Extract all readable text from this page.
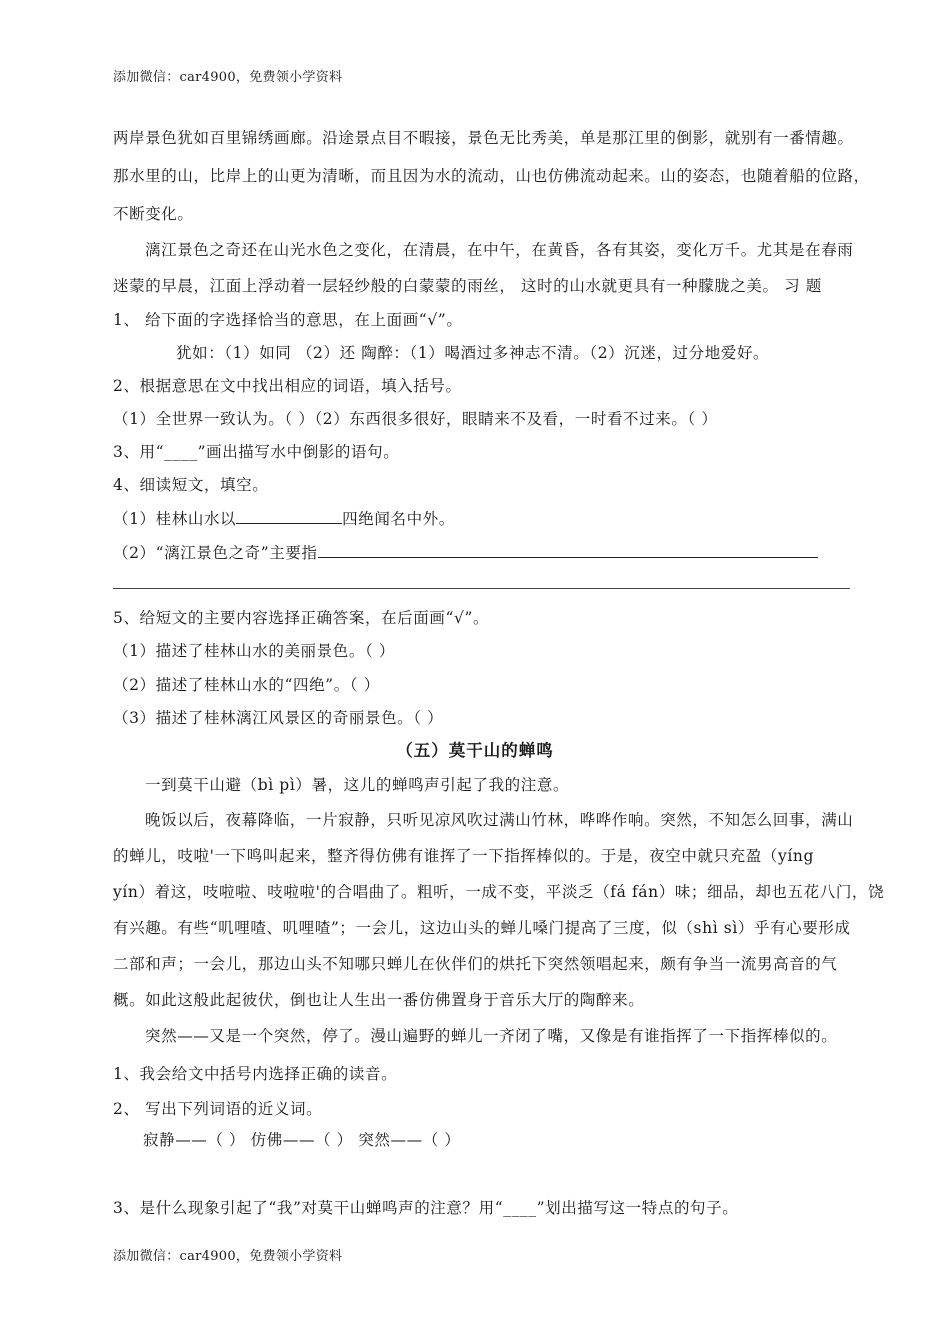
添加微信：car4900，免费领小学资料
两岸景色犹如百里锦绣画廊。沿途景点目不暇接，景色无比秀美，单是那江里的倒影，就别有一番情趣。
那水里的山，比岸上的山更为清晰，而且因为水的流动，山也仿佛流动起来。山的姿态，也随着船的位路，
不断变化。
漓江景色之奇还在山光水色之变化，在清晨，在中午，在黄昏，各有其姿，变化万千。尤其是在春雨
迷蒙的早晨，江面上浮动着一层轻纱般的白蒙蒙的雨丝， 这时的山水就更具有一种朦胧之美。 习 题
1、 给下面的字选择恰当的意思，在上面画“√”。
犹如：（1）如同 （2）还 陶醉：（1）喝酒过多神志不清。（2）沉迷，过分地爱好。
2、根据意思在文中找出相应的词语，填入括号。
（1）全世界一致认为。（ ）（2）东西很多很好，眼睛来不及看，一时看不过来。（ ）
3、用“____”画出描写水中倒影的语句。
4、细读短文，填空。
（1）桂林山水以	四绝闻名中外。
（2）“漓江景色之奇”主要指
5、给短文的主要内容选择正确答案，在后面画“√”。
（1）描述了桂林山水的美丽景色。（ ）
（2）描述了桂林山水的“四绝”。（ ）
（3）描述了桂林漓江风景区的奇丽景色。（ ）
（五）莫干山的蝉鸣
一到莫干山避（bì pì）暑，这儿的蝉鸣声引起了我的注意。
晚饭以后，夜幕降临，一片寂静，只听见凉风吹过满山竹林，哗哗作响。突然，不知怎么回事，满山
的蝉儿，吱啦'一下鸣叫起来，整齐得仿佛有谁挥了一下指挥棒似的。于是，夜空中就只充盈（yíng
yín）着这，吱啦啦、吱啦啦'的合唱曲了。粗听，一成不变，平淡乏（fá fán）味；细品，却也五花八门，饶
有兴趣。有些“叽哩喳、叽哩喳”；一会儿，这边山头的蝉儿嗓门提高了三度，似（shì sì）乎有心要形成
二部和声；一会儿，那边山头不知哪只蝉儿在伙伴们的烘托下突然领唱起来，颇有争当一流男高音的气
概。如此这般此起彼伏，倒也让人生出一番仿佛置身于音乐大厅的陶醉来。
突然——又是一个突然，停了。漫山遍野的蝉儿一齐闭了嘴，又像是有谁指挥了一下指挥棒似的。
1、我会给文中括号内选择正确的读音。
2、 写出下列词语的近义词。
寂静——（ ） 仿佛——（ ） 突然——（ ）
3、是什么现象引起了“我”对莫干山蝉鸣声的注意？用“____”划出描写这一特点的句子。
添加微信：car4900，免费领小学资料
